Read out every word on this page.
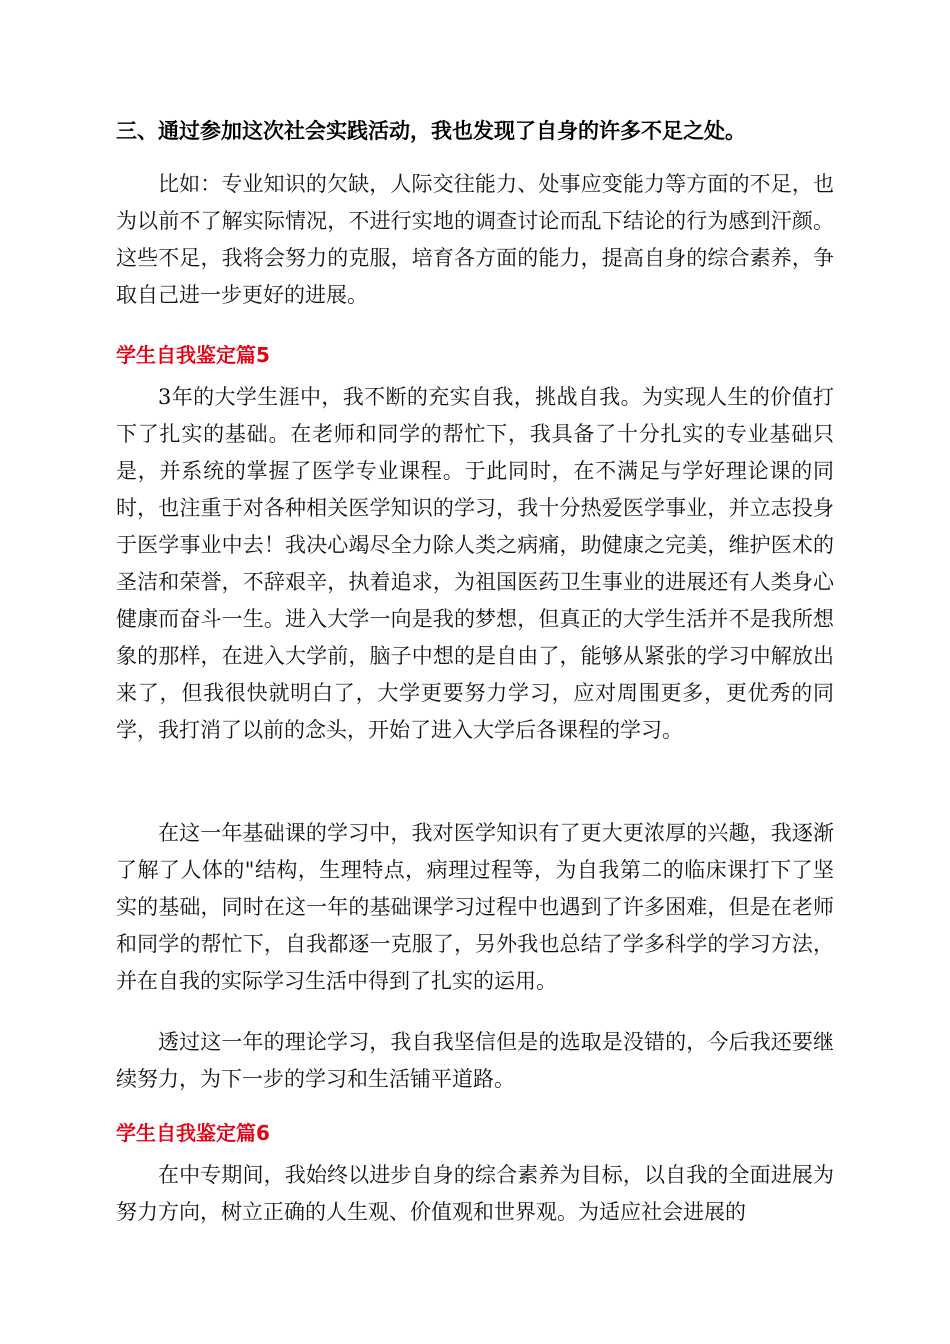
三、通过参加这次社会实践活动，我也发现了自身的许多不足之处。

比如：专业知识的欠缺，人际交往能力、处事应变能力等方面的不足，也为以前不了解实际情况，不进行实地的调查讨论而乱下结论的行为感到汗颜。这些不足，我将会努力的克服，培育各方面的能力，提高自身的综合素养，争取自己进一步更好的进展。

学生自我鉴定篇5

3年的大学生涯中，我不断的充实自我，挑战自我。为实现人生的价值打下了扎实的基础。在老师和同学的帮忙下，我具备了十分扎实的专业基础只是，并系统的掌握了医学专业课程。于此同时，在不满足与学好理论课的同时，也注重于对各种相关医学知识的学习，我十分热爱医学事业，并立志投身于医学事业中去！我决心竭尽全力除人类之病痛，助健康之完美，维护医术的圣洁和荣誉，不辞艰辛，执着追求，为祖国医药卫生事业的进展还有人类身心健康而奋斗一生。进入大学一向是我的梦想，但真正的大学生活并不是我所想象的那样，在进入大学前，脑子中想的是自由了，能够从紧张的学习中解放出来了，但我很快就明白了，大学更要努力学习，应对周围更多，更优秀的同学，我打消了以前的念头，开始了进入大学后各课程的学习。

在这一年基础课的学习中，我对医学知识有了更大更浓厚的兴趣，我逐渐了解了人体的"结构，生理特点，病理过程等，为自我第二的临床课打下了坚实的基础，同时在这一年的基础课学习过程中也遇到了许多困难，但是在老师和同学的帮忙下，自我都逐一克服了，另外我也总结了学多科学的学习方法，并在自我的实际学习生活中得到了扎实的运用。

透过这一年的理论学习，我自我坚信但是的选取是没错的，今后我还要继续努力，为下一步的学习和生活铺平道路。

学生自我鉴定篇6

在中专期间，我始终以进步自身的综合素养为目标，以自我的全面进展为努力方向，树立正确的人生观、价值观和世界观。为适应社会进展的
